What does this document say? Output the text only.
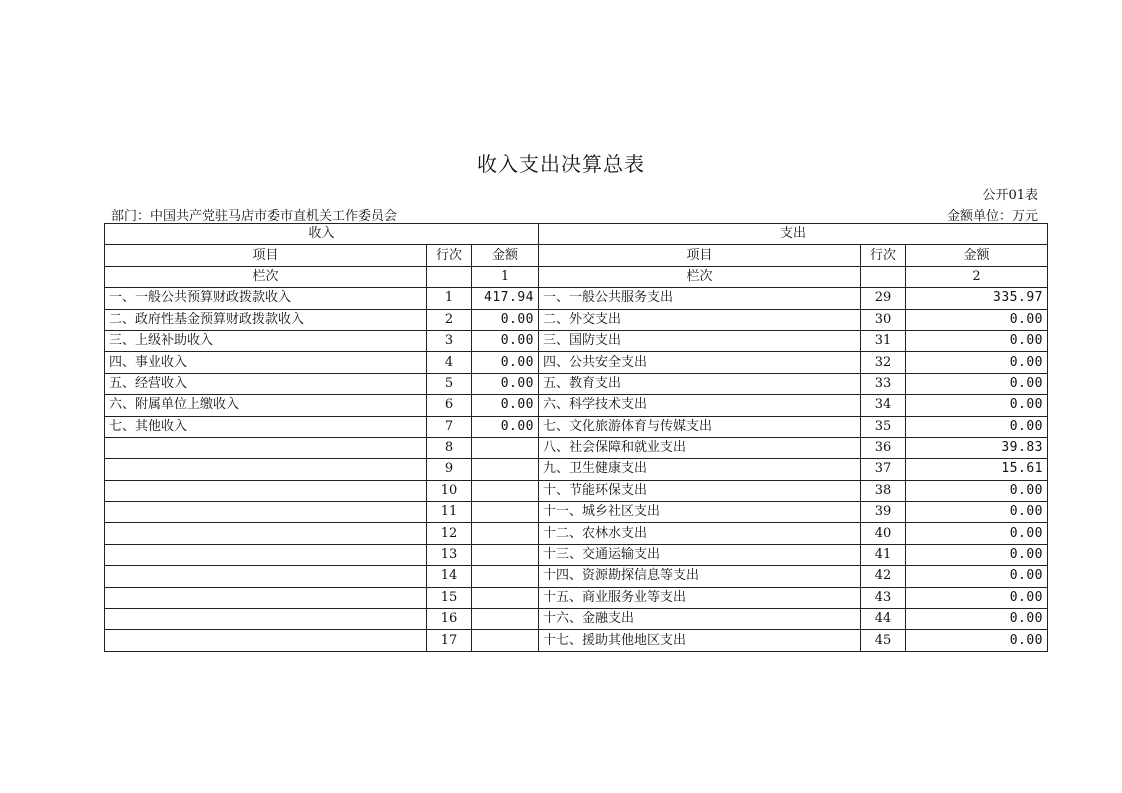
收入支出决算总表
公开01表
部门：中国共产党驻马店市委市直机关工作委员会	金额单位：万元
收入			支出		
项目	行次	金额	项目	行次	金额
栏次		1	栏次		2
一、一般公共预算财政拨款收入	1	417.94	一、一般公共服务支出	29	335.97
二、政府性基金预算财政拨款收入	2	0.00	二、外交支出	30	0.00
三、上级补助收入	3	0.00	三、国防支出	31	0.00
四、事业收入	4	0.00	四、公共安全支出	32	0.00
五、经营收入	5	0.00	五、教育支出	33	0.00
六、附属单位上缴收入	6	0.00	六、科学技术支出	34	0.00
七、其他收入	7	0.00	七、文化旅游体育与传媒支出	35	0.00
	8		八、社会保障和就业支出	36	39.83
	9		九、卫生健康支出	37	15.61
	10		十、节能环保支出	38	0.00
	11		十一、城乡社区支出	39	0.00
	12		十二、农林水支出	40	0.00
	13		十三、交通运输支出	41	0.00
	14		十四、资源勘探信息等支出	42	0.00
	15		十五、商业服务业等支出	43	0.00
	16		十六、金融支出	44	0.00
	17		十七、援助其他地区支出	45	0.00
